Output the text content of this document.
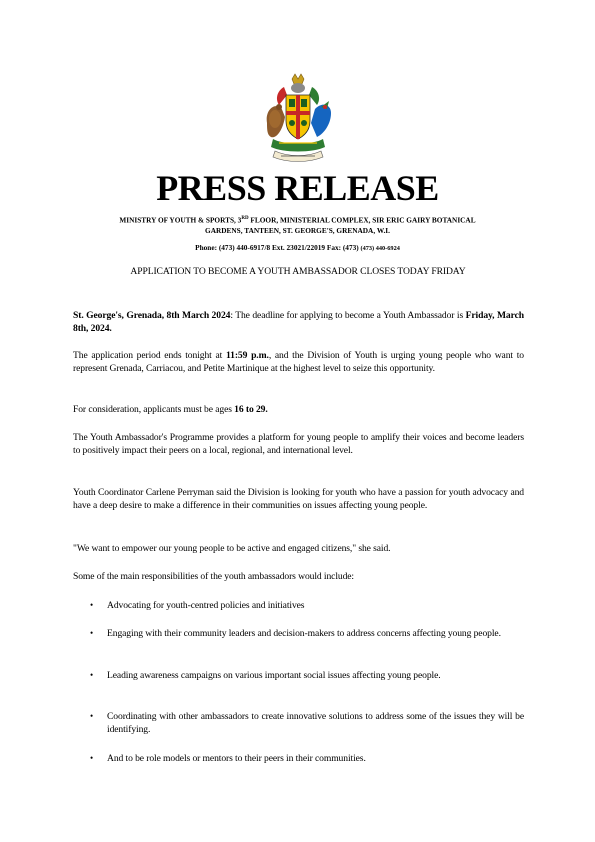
PRESS RELEASE
MINISTRY OF YOUTH & SPORTS, 3RD FLOOR, MINISTERIAL COMPLEX, SIR ERIC GAIRY BOTANICAL
GARDENS, TANTEEN, ST. GEORGE'S, GRENADA, W.I.
Phone: (473) 440-6917/8 Ext. 23021/22019 Fax: (473) (473) 440-6924
APPLICATION TO BECOME A YOUTH AMBASSADOR CLOSES TODAY FRIDAY
St. George's, Grenada, 8th March 2024: The deadline for applying to become a Youth Ambassador is Friday, March 8th, 2024.
The application period ends tonight at 11:59 p.m., and the Division of Youth is urging young people who want to represent Grenada, Carriacou, and Petite Martinique at the highest level to seize this opportunity.
For consideration, applicants must be ages 16 to 29.
The Youth Ambassador's Programme provides a platform for young people to amplify their voices and become leaders to positively impact their peers on a local, regional, and international level.
Youth Coordinator Carlene Perryman said the Division is looking for youth who have a passion for youth advocacy and have a deep desire to make a difference in their communities on issues affecting young people.
"We want to empower our young people to be active and engaged citizens," she said.
Some of the main responsibilities of the youth ambassadors would include:
• Advocating for youth-centred policies and initiatives
• Engaging with their community leaders and decision-makers to address concerns affecting young people.
• Leading awareness campaigns on various important social issues affecting young people.
• Coordinating with other ambassadors to create innovative solutions to address some of the issues they will be identifying.
• And to be role models or mentors to their peers in their communities.
